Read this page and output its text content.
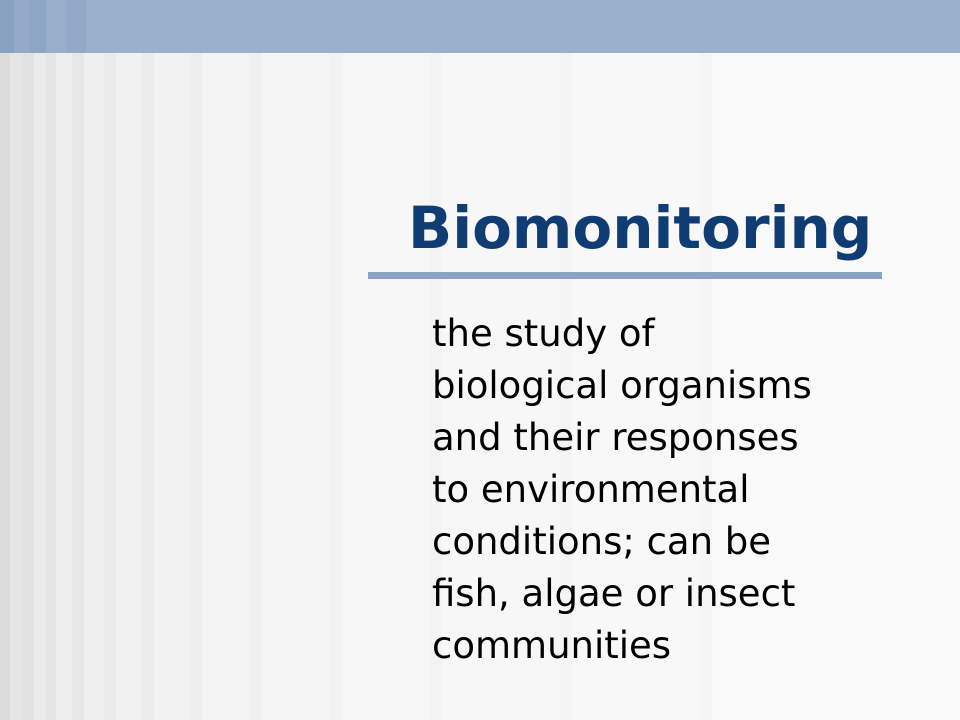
Biomonitoring

the study of
biological organisms
and their responses
to environmental
conditions; can be
fish, algae or insect
communities
